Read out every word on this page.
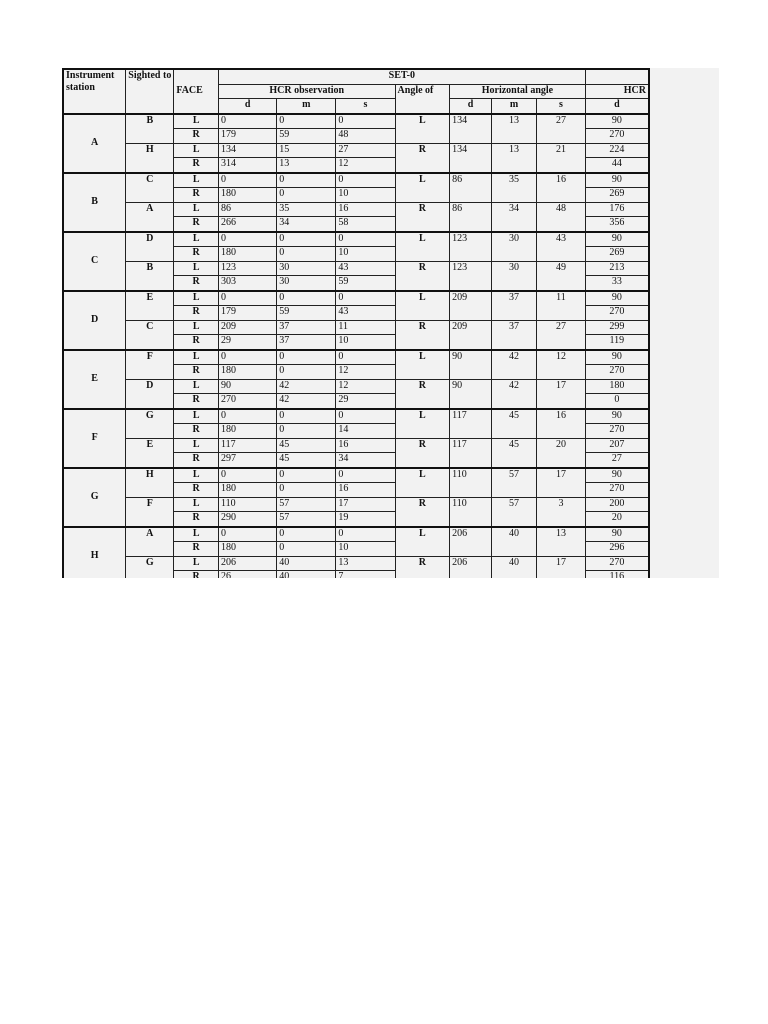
Instrument station	Sighted to	FACE	SET-0							
			HCR observation			Angle of	Horizontal angle			HCR
			d	m	s		d	m	s	d
A	B	L	0	0	0	L	134	13	27	90
		R	179	59	48					270
	H	L	134	15	27	R	134	13	21	224
		R	314	13	12					44
B	C	L	0	0	0	L	86	35	16	90
		R	180	0	10					269
	A	L	86	35	16	R	86	34	48	176
		R	266	34	58					356
C	D	L	0	0	0	L	123	30	43	90
		R	180	0	10					269
	B	L	123	30	43	R	123	30	49	213
		R	303	30	59					33
D	E	L	0	0	0	L	209	37	11	90
		R	179	59	43					270
	C	L	209	37	11	R	209	37	27	299
		R	29	37	10					119
E	F	L	0	0	0	L	90	42	12	90
		R	180	0	12					270
	D	L	90	42	12	R	90	42	17	180
		R	270	42	29					0
F	G	L	0	0	0	L	117	45	16	90
		R	180	0	14					270
	E	L	117	45	16	R	117	45	20	207
		R	297	45	34					27
G	H	L	0	0	0	L	110	57	17	90
		R	180	0	16					270
	F	L	110	57	17	R	110	57	3	200
		R	290	57	19					20
H	A	L	0	0	0	L	206	40	13	90
		R	180	0	10					296
	G	L	206	40	13	R	206	40	17	270
		R	26	40	7					116
